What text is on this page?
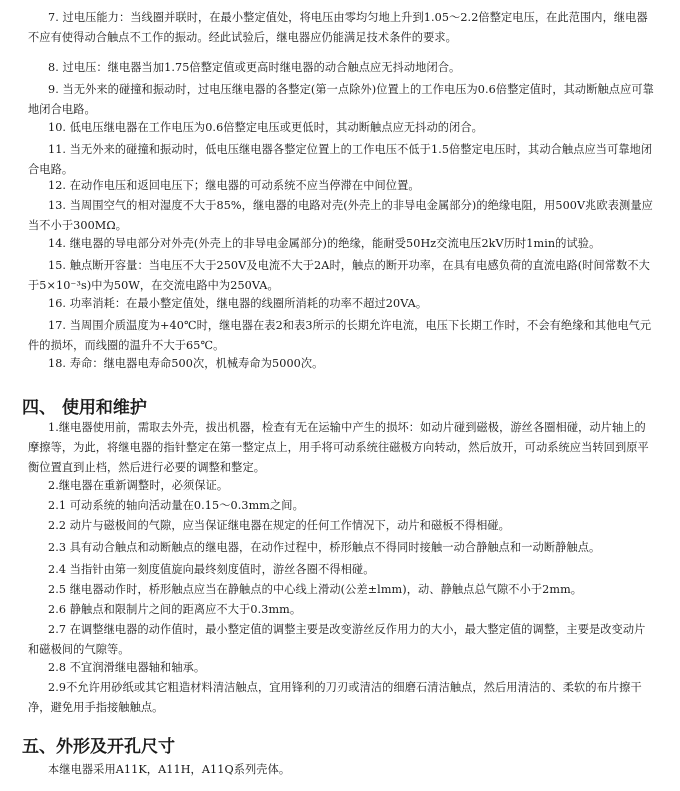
7. 过电压能力：当线圈并联时，在最小整定值处，将电压由零均匀地上升到1.05～2.2倍整定电压，在此范围内，继电器不应有使得动合触点不工作的振动。经此试验后，继电器应仍能满足技术条件的要求。

8. 过电压：继电器当加1.75倍整定值或更高时继电器的动合触点应无抖动地闭合。

9. 当无外来的碰撞和振动时，过电压继电器的各整定(第一点除外)位置上的工作电压为0.6倍整定值时，其动断触点应可靠地闭合电路。

10. 低电压继电器在工作电压为0.6倍整定电压或更低时，其动断触点应无抖动的闭合。

11. 当无外来的碰撞和振动时，低电压继电器各整定位置上的工作电压不低于1.5倍整定电压时，其动合触点应当可靠地闭合电路。

12. 在动作电压和返回电压下；继电器的可动系统不应当停滞在中间位置。

13. 当周围空气的相对湿度不大于85%，继电器的电路对壳(外壳上的非导电金属部分)的绝缘电阻，用500V兆欧表测量应当不小于300MΩ。

14. 继电器的导电部分对外壳(外壳上的非导电金属部分)的绝缘，能耐受50Hz交流电压2kV历时1min的试验。

15. 触点断开容量：当电压不大于250V及电流不大于2A时，触点的断开功率，在具有电感负荷的直流电路(时间常数不大于5×10⁻³s)中为50W，在交流电路中为250VA。

16. 功率消耗：在最小整定值处，继电器的线圈所消耗的功率不超过20VA。

17. 当周围介质温度为+40℃时，继电器在表2和表3所示的长期允许电流，电压下长期工作时，不会有绝缘和其他电气元件的损坏，而线圈的温升不大于65℃。

18. 寿命：继电器电寿命500次，机械寿命为5000次。

四、 使用和维护

1.继电器使用前，需取去外壳，拔出机器，检查有无在运输中产生的损坏：如动片碰到磁极，游丝各圈相碰，动片轴上的摩擦等，为此，将继电器的指针整定在第一整定点上，用手将可动系统往磁极方向转动，然后放开，可动系统应当转回到原平衡位置直到止档，然后进行必要的调整和整定。

2.继电器在重新调整时，必须保证。

2.1 可动系统的轴向活动量在0.15～0.3mm之间。

2.2 动片与磁极间的气隙，应当保证继电器在规定的任何工作情况下，动片和磁板不得相碰。

2.3 具有动合触点和动断触点的继电器，在动作过程中，桥形触点不得同时接触一动合静触点和一动断静触点。

2.4 当指针由第一刻度值旋向最终刻度值时，游丝各圈不得相碰。

2.5 继电器动作时，桥形触点应当在静触点的中心线上滑动(公差±lmm)，动、静触点总气隙不小于2mm。

2.6 静触点和限制片之间的距离应不大于0.3mm。

2.7 在调整继电器的动作值时，最小整定值的调整主要是改变游丝反作用力的大小，最大整定值的调整，主要是改变动片和磁极间的气隙等。

2.8 不宜润滑继电器轴和轴承。

2.9不允许用砂纸或其它粗造材料清洁触点，宜用锋利的刀刃或清洁的细磨石清洁触点，然后用清洁的、柔软的布片擦干净，避免用手指接触触点。

五、外形及开孔尺寸

本继电器采用A11K，A11H，A11Q系列壳体。
